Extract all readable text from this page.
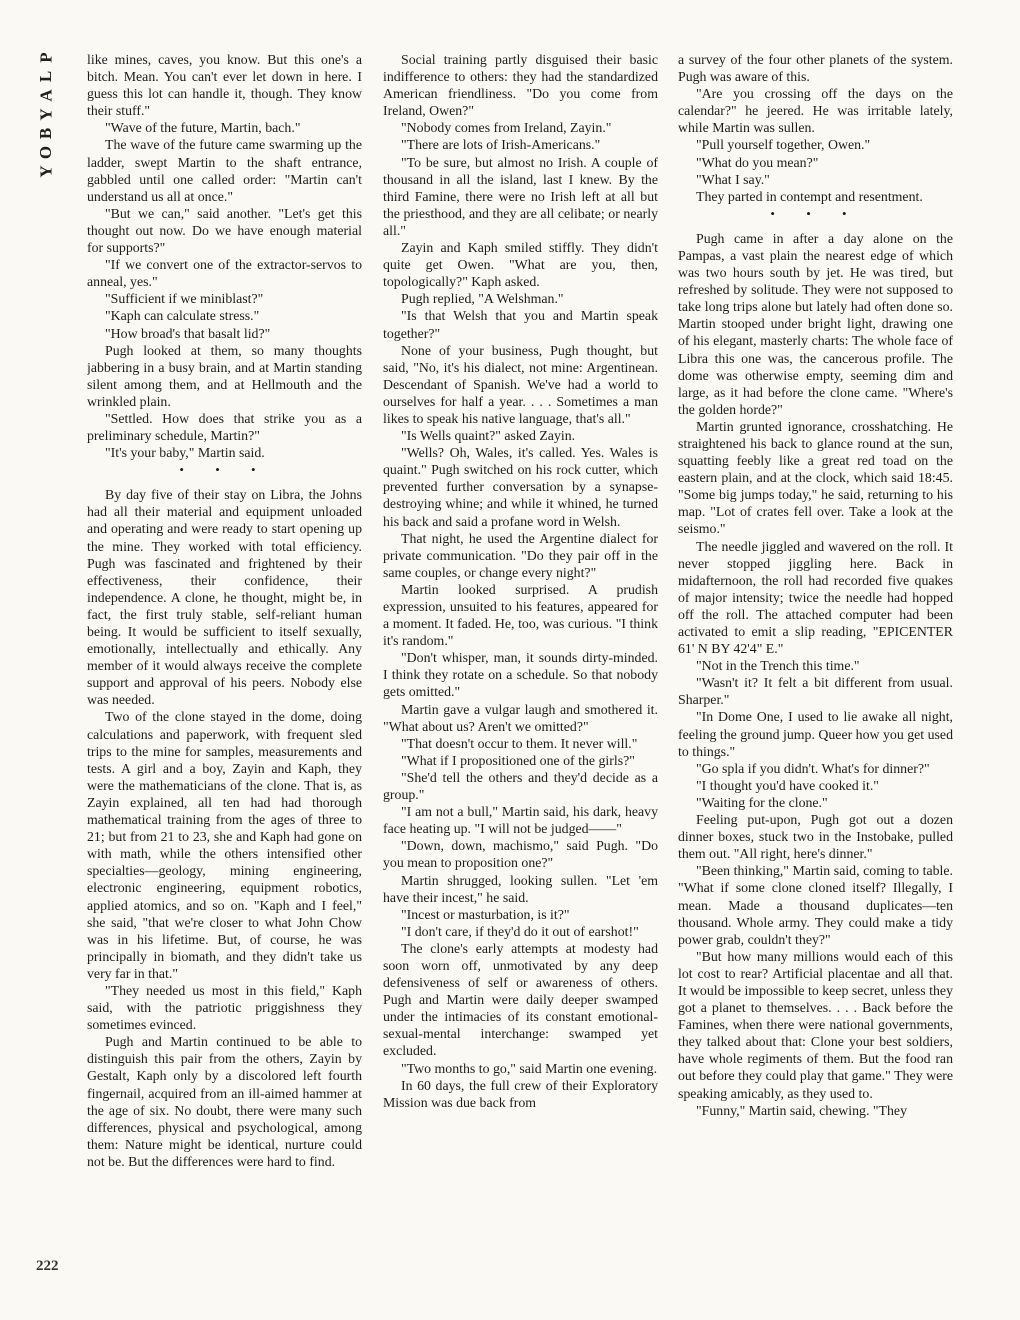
P
L
A
Y
B
O
Y
222

like mines, caves, you know. But this one's a bitch. Mean. You can't ever let down in here. I guess this lot can handle it, though. They know their stuff."

"Wave of the future, Martin, bach."

The wave of the future came swarming up the ladder, swept Martin to the shaft entrance, gabbled until one called order: "Martin can't understand us all at once."

"But we can," said another. "Let's get this thought out now. Do we have enough material for supports?"

"If we convert one of the extractor-servos to anneal, yes."

"Sufficient if we miniblast?"

"Kaph can calculate stress."

"How broad's that basalt lid?"

Pugh looked at them, so many thoughts jabbering in a busy brain, and at Martin standing silent among them, and at Hellmouth and the wrinkled plain.

"Settled. How does that strike you as a preliminary schedule, Martin?"

"It's your baby," Martin said.

• • •

By day five of their stay on Libra, the Johns had all their material and equipment unloaded and operating and were ready to start opening up the mine. They worked with total efficiency. Pugh was fascinated and frightened by their effectiveness, their confidence, their independence. A clone, he thought, might be, in fact, the first truly stable, self-reliant human being. It would be sufficient to itself sexually, emotionally, intellectually and ethically. Any member of it would always receive the complete support and approval of his peers. Nobody else was needed.

Two of the clone stayed in the dome, doing calculations and paperwork, with frequent sled trips to the mine for samples, measurements and tests. A girl and a boy, Zayin and Kaph, they were the mathematicians of the clone. That is, as Zayin explained, all ten had had thorough mathematical training from the ages of three to 21; but from 21 to 23, she and Kaph had gone on with math, while the others intensified other specialties—geology, mining engineering, electronic engineering, equipment robotics, applied atomics, and so on. "Kaph and I feel," she said, "that we're closer to what John Chow was in his lifetime. But, of course, he was principally in biomath, and they didn't take us very far in that."

"They needed us most in this field," Kaph said, with the patriotic priggishness they sometimes evinced.

Pugh and Martin continued to be able to distinguish this pair from the others, Zayin by Gestalt, Kaph only by a discolored left fourth fingernail, acquired from an ill-aimed hammer at the age of six. No doubt, there were many such differences, physical and psychological, among them: Nature might be identical, nurture could not be. But the differences were hard to find.

Social training partly disguised their basic indifference to others: they had the standardized American friendliness. "Do you come from Ireland, Owen?"

"Nobody comes from Ireland, Zayin."

"There are lots of Irish-Americans."

"To be sure, but almost no Irish. A couple of thousand in all the island, last I knew. By the third Famine, there were no Irish left at all but the priesthood, and they are all celibate; or nearly all."

Zayin and Kaph smiled stiffly. They didn't quite get Owen. "What are you, then, topologically?" Kaph asked.

Pugh replied, "A Welshman."

"Is that Welsh that you and Martin speak together?"

None of your business, Pugh thought, but said, "No, it's his dialect, not mine: Argentinean. Descendant of Spanish. We've had a world to ourselves for half a year. . . . Sometimes a man likes to speak his native language, that's all."

"Is Wells quaint?" asked Zayin.

"Wells? Oh, Wales, it's called. Yes. Wales is quaint." Pugh switched on his rock cutter, which prevented further conversation by a synapse-destroying whine; and while it whined, he turned his back and said a profane word in Welsh.

That night, he used the Argentine dialect for private communication. "Do they pair off in the same couples, or change every night?"

Martin looked surprised. A prudish expression, unsuited to his features, appeared for a moment. It faded. He, too, was curious. "I think it's random."

"Don't whisper, man, it sounds dirty-minded. I think they rotate on a schedule. So that nobody gets omitted."

Martin gave a vulgar laugh and smothered it. "What about us? Aren't we omitted?"

"That doesn't occur to them. It never will."

"What if I propositioned one of the girls?"

"She'd tell the others and they'd decide as a group."

"I am not a bull," Martin said, his dark, heavy face heating up. "I will not be judged——"

"Down, down, machismo," said Pugh. "Do you mean to proposition one?"

Martin shrugged, looking sullen. "Let 'em have their incest," he said.

"Incest or masturbation, is it?"

"I don't care, if they'd do it out of earshot!"

The clone's early attempts at modesty had soon worn off, unmotivated by any deep defensiveness of self or awareness of others. Pugh and Martin were daily deeper swamped under the intimacies of its constant emotional-sexual-mental interchange: swamped yet excluded.

"Two months to go," said Martin one evening.

In 60 days, the full crew of their Exploratory Mission was due back from

a survey of the four other planets of the system. Pugh was aware of this.

"Are you crossing off the days on the calendar?" he jeered. He was irritable lately, while Martin was sullen.

"Pull yourself together, Owen."

"What do you mean?"

"What I say."

They parted in contempt and resentment.

• • •

Pugh came in after a day alone on the Pampas, a vast plain the nearest edge of which was two hours south by jet. He was tired, but refreshed by solitude. They were not supposed to take long trips alone but lately had often done so. Martin stooped under bright light, drawing one of his elegant, masterly charts: The whole face of Libra this one was, the cancerous profile. The dome was otherwise empty, seeming dim and large, as it had before the clone came. "Where's the golden horde?"

Martin grunted ignorance, crosshatching. He straightened his back to glance round at the sun, squatting feebly like a great red toad on the eastern plain, and at the clock, which said 18:45. "Some big jumps today," he said, returning to his map. "Lot of crates fell over. Take a look at the seismo."

The needle jiggled and wavered on the roll. It never stopped jiggling here. Back in midafternoon, the roll had recorded five quakes of major intensity; twice the needle had hopped off the roll. The attached computer had been activated to emit a slip reading, "EPICENTER 61' N BY 42'4" E."

"Not in the Trench this time."

"Wasn't it? It felt a bit different from usual. Sharper."

"In Dome One, I used to lie awake all night, feeling the ground jump. Queer how you get used to things."

"Go spla if you didn't. What's for dinner?"

"I thought you'd have cooked it."

"Waiting for the clone."

Feeling put-upon, Pugh got out a dozen dinner boxes, stuck two in the Instobake, pulled them out. "All right, here's dinner."

"Been thinking," Martin said, coming to table. "What if some clone cloned itself? Illegally, I mean. Made a thousand duplicates—ten thousand. Whole army. They could make a tidy power grab, couldn't they?"

"But how many millions would each of this lot cost to rear? Artificial placentae and all that. It would be impossible to keep secret, unless they got a planet to themselves. . . . Back before the Famines, when there were national governments, they talked about that: Clone your best soldiers, have whole regiments of them. But the food ran out before they could play that game." They were speaking amicably, as they used to.

"Funny," Martin said, chewing. "They
